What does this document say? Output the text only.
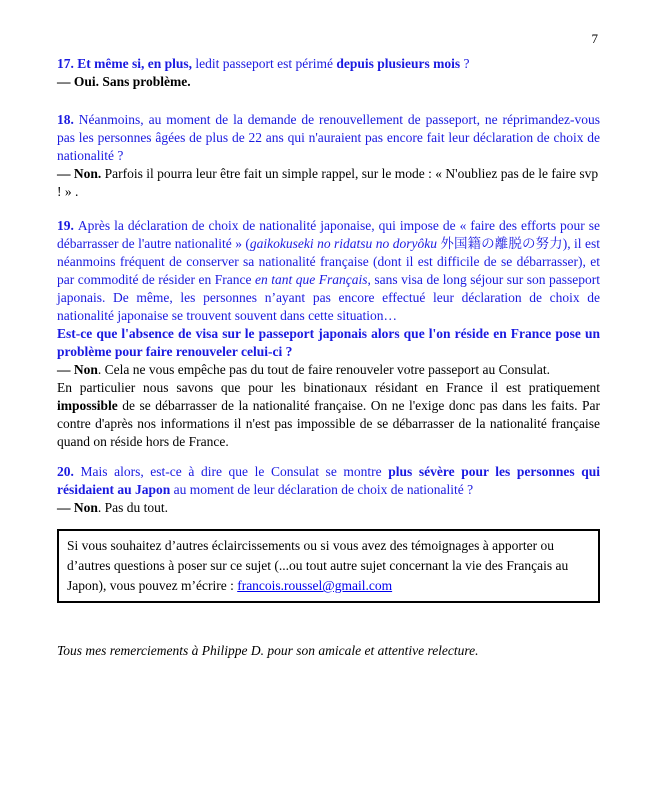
7

17. Et même si, en plus, ledit passeport est périmé depuis plusieurs mois ?

— Oui. Sans problème.

18. Néanmoins, au moment de la demande de renouvellement de passeport, ne réprimandez-vous pas les personnes âgées de plus de 22 ans qui n'auraient pas encore fait leur déclaration de choix de nationalité ?

— Non. Parfois il pourra leur être fait un simple rappel, sur le mode : « N'oubliez pas de le faire svp ! » .

19. Après la déclaration de choix de nationalité japonaise, qui impose de « faire des efforts pour se débarrasser de l'autre nationalité » (gaikokuseki no ridatsu no doryôku 外国籍の離脱の努力), il est néanmoins fréquent de conserver sa nationalité française (dont il est difficile de se débarrasser), et par commodité de résider en France en tant que Français, sans visa de long séjour sur son passeport japonais. De même, les personnes n’ayant pas encore effectué leur déclaration de choix de nationalité japonaise se trouvent souvent dans cette situation…

Est-ce que l'absence de visa sur le passeport japonais alors que l'on réside en France pose un problème pour faire renouveler celui-ci ?

— Non. Cela ne vous empêche pas du tout de faire renouveler votre passeport au Consulat.

En particulier nous savons que pour les binationaux résidant en France il est pratiquement impossible de se débarrasser de la nationalité française. On ne l'exige donc pas dans les faits. Par contre d'après nos informations il n'est pas impossible de se débarrasser de la nationalité française quand on réside hors de France.

20. Mais alors, est-ce à dire que le Consulat se montre plus sévère pour les personnes qui résidaient au Japon au moment de leur déclaration de choix de nationalité ?

— Non. Pas du tout.

Si vous souhaitez d’autres éclaircissements ou si vous avez des témoignages à apporter ou d’autres questions à poser sur ce sujet (...ou tout autre sujet concernant la vie des Français au Japon), vous pouvez m’écrire : francois.roussel@gmail.com

Tous mes remerciements à Philippe D. pour son amicale et attentive relecture.
